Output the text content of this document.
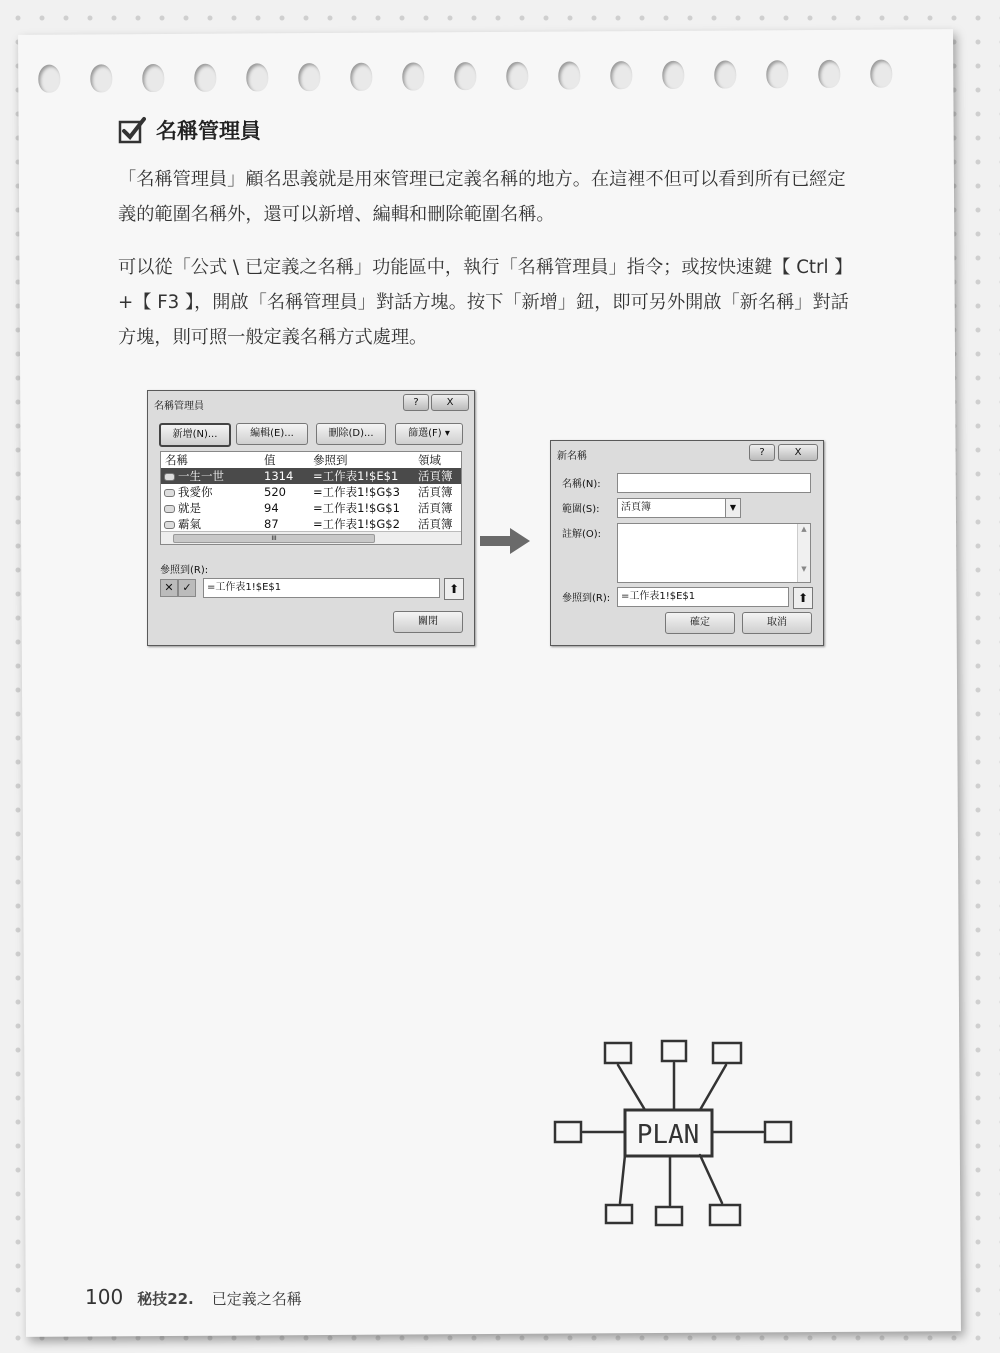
名稱管理員
「名稱管理員」顧名思義就是用來管理已定義名稱的地方。在這裡不但可以看到所有已經定義的範圍名稱外，還可以新增、編輯和刪除範圍名稱。
可以從「公式 \ 已定義之名稱」功能區中，執行「名稱管理員」指令；或按快速鍵【 Ctrl 】+【 F3 】，開啟「名稱管理員」對話方塊。按下「新增」鈕，即可另外開啟「新名稱」對話方塊，則可照一般定義名稱方式處理。
名稱管理員	?	X
新增(N)...	編輯(E)...	刪除(D)...	篩選(F) ▾
名稱	值	參照到	領域
一生一世	1314 =工作表1!$E$1 活頁簿
我愛你	520 =工作表1!$G$3 活頁簿
就是	94	=工作表1!$G$1 活頁簿
霸氣	87	=工作表1!$G$2 活頁簿
III
參照到(R):
✕ ✓	=工作表1!$E$1	⬆
關閉
新名稱	?	X
名稱(N):
範圍(S):	活頁簿	▼
註解(O):	▲

▼
參照到(R):	=工作表1!$E$1	⬆
確定	取消
PLAN
100 秘技22. 已定義之名稱
